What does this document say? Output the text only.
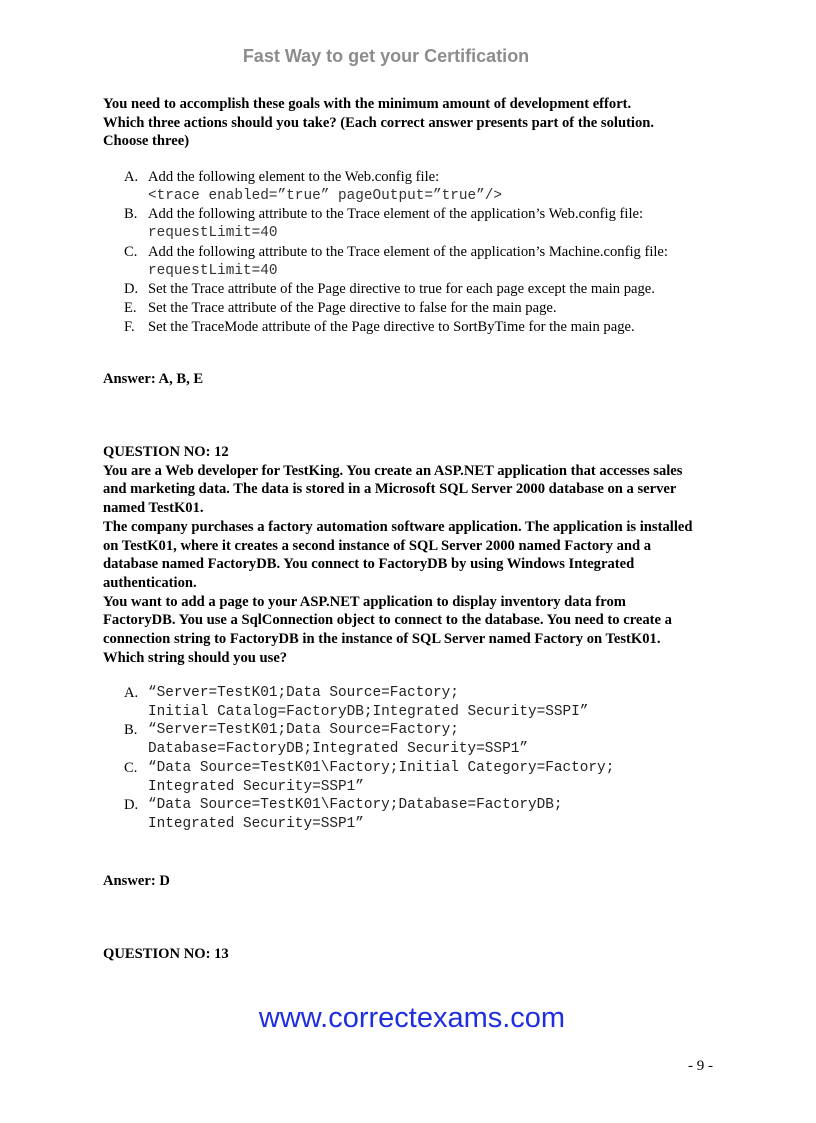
Fast Way to get your Certification

You need to accomplish these goals with the minimum amount of development effort.

Which three actions should you take? (Each correct answer presents part of the solution.

Choose three)

A. Add the following element to the Web.config file:
<trace enabled=”true” pageOutput=”true”/>
B. Add the following attribute to the Trace element of the application’s Web.config file:
requestLimit=40
C. Add the following attribute to the Trace element of the application’s Machine.config file:
requestLimit=40
D. Set the Trace attribute of the Page directive to true for each page except the main page.
E. Set the Trace attribute of the Page directive to false for the main page.
F. Set the TraceMode attribute of the Page directive to SortByTime for the main page.
Answer: A, B, E

QUESTION NO: 12

You are a Web developer for TestKing. You create an ASP.NET application that accesses sales

and marketing data. The data is stored in a Microsoft SQL Server 2000 database on a server

named TestK01.

The company purchases a factory automation software application. The application is installed

on TestK01, where it creates a second instance of SQL Server 2000 named Factory and a

database named FactoryDB. You connect to FactoryDB by using Windows Integrated

authentication.

You want to add a page to your ASP.NET application to display inventory data from

FactoryDB. You use a SqlConnection object to connect to the database. You need to create a

connection string to FactoryDB in the instance of SQL Server named Factory on TestK01.

Which string should you use?

A. “Server=TestK01;Data Source=Factory;
Initial Catalog=FactoryDB;Integrated Security=SSPI”
B. “Server=TestK01;Data Source=Factory;
Database=FactoryDB;Integrated Security=SSP1”
C. “Data Source=TestK01\Factory;Initial Category=Factory;
Integrated Security=SSP1”
D. “Data Source=TestK01\Factory;Database=FactoryDB;
Integrated Security=SSP1”
Answer: D
QUESTION NO: 13
www.correctexams.com
- 9 -
